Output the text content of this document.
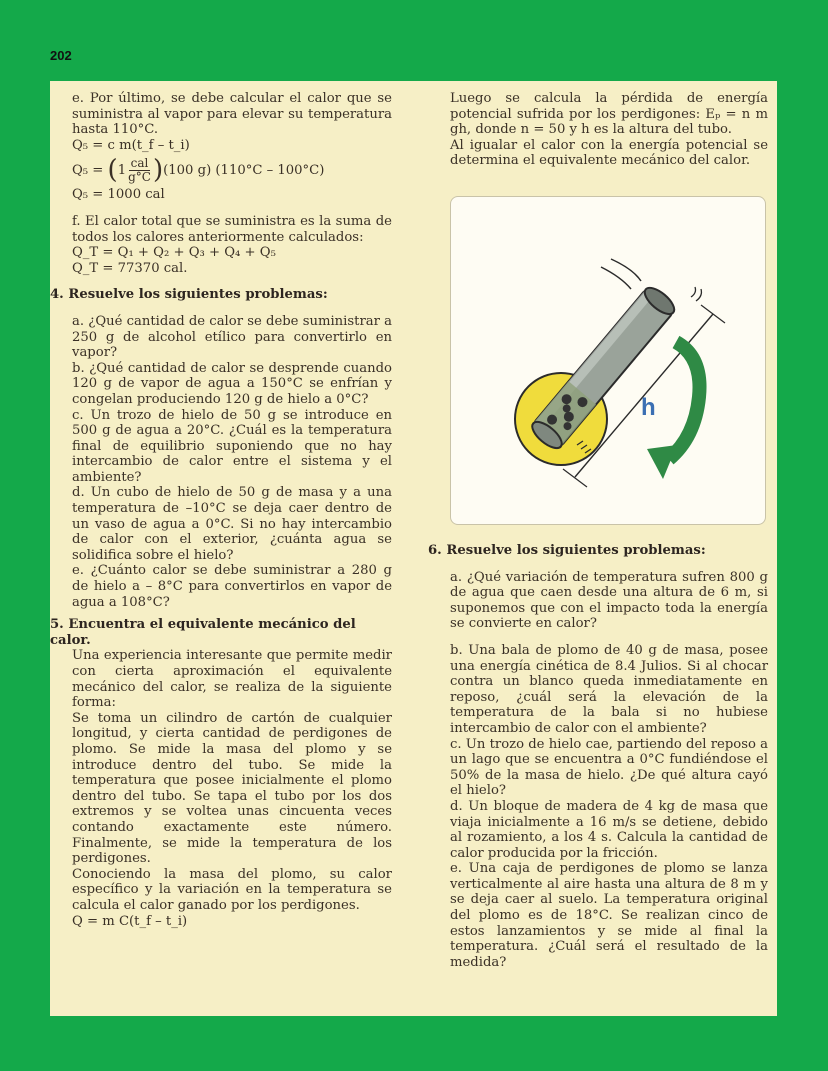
202

e. Por último, se debe calcular el calor que se suministra al vapor para elevar su temperatura hasta 110°C.

Q₅ = c m(t_f – t_i)

Q₅ =
( $1 \frac{\text{cal}}{g^\circ C}$ ) (100 g) (110°C – 100°C)

Q₅ = 1000 cal

f. El calor total que se suministra es la suma de todos los calores anteriormente calculados:

Q_T = Q₁ + Q₂ + Q₃ + Q₄ + Q₅

Q_T = 77370 cal.

4. Resuelve los siguientes problemas:

a. ¿Qué cantidad de calor se debe suministrar a 250 g de alcohol etílico para convertirlo en vapor?

b. ¿Qué cantidad de calor se desprende cuando 120 g de vapor de agua a 150°C se enfrían y congelan produciendo 120 g de hielo a 0°C?

c. Un trozo de hielo de 50 g se introduce en 500 g de agua a 20°C. ¿Cuál es la temperatura final de equilibrio suponiendo que no hay intercambio de calor entre el sistema y el ambiente?

d. Un cubo de hielo de 50 g de masa y a una temperatura de –10°C se deja caer dentro de un vaso de agua a 0°C. Si no hay intercambio de calor con el exterior, ¿cuánta agua se solidifica sobre el hielo?

e. ¿Cuánto calor se debe suministrar a 280 g de hielo a – 8°C para convertirlos en vapor de agua a 108°C?

5. Encuentra el equivalente mecánico del calor.

Una experiencia interesante que permite medir con cierta aproximación el equivalente mecánico del calor, se realiza de la siguiente forma:

Se toma un cilindro de cartón de cualquier longitud, y cierta cantidad de perdigones de plomo. Se mide la masa del plomo y se introduce dentro del tubo. Se mide la temperatura que posee inicialmente el plomo dentro del tubo. Se tapa el tubo por los dos extremos y se voltea unas cincuenta veces contando exactamente este número. Finalmente, se mide la temperatura de los perdigones.

Conociendo la masa del plomo, su calor específico y la variación en la temperatura se calcula el calor ganado por los perdigones.

Q = m C(t_f – t_i)

Luego se calcula la pérdida de energía potencial sufrida por los perdigones: Eₚ = n m gh, donde n = 50 y h es la altura del tubo.

Al igualar el calor con la energía potencial se determina el equivalente mecánico del calor.

h

6. Resuelve los siguientes problemas:

a. ¿Qué variación de temperatura sufren 800 g de agua que caen desde una altura de 6 m, si suponemos que con el impacto toda la energía se convierte en calor?

b. Una bala de plomo de 40 g de masa, posee una energía cinética de 8.4 Julios. Si al chocar contra un blanco queda inmediatamente en reposo, ¿cuál será la elevación de la temperatura de la bala si no hubiese intercambio de calor con el ambiente?

c. Un trozo de hielo cae, partiendo del reposo a un lago que se encuentra a 0°C fundiéndose el 50% de la masa de hielo. ¿De qué altura cayó el hielo?

d. Un bloque de madera de 4 kg de masa que viaja inicialmente a 16 m/s se detiene, debido al rozamiento, a los 4 s. Calcula la cantidad de calor producida por la fricción.

e. Una caja de perdigones de plomo se lanza verticalmente al aire hasta una altura de 8 m y se deja caer al suelo. La temperatura original del plomo es de 18°C. Se realizan cinco de estos lanzamientos y se mide al final la temperatura. ¿Cuál será el resultado de la medida?
